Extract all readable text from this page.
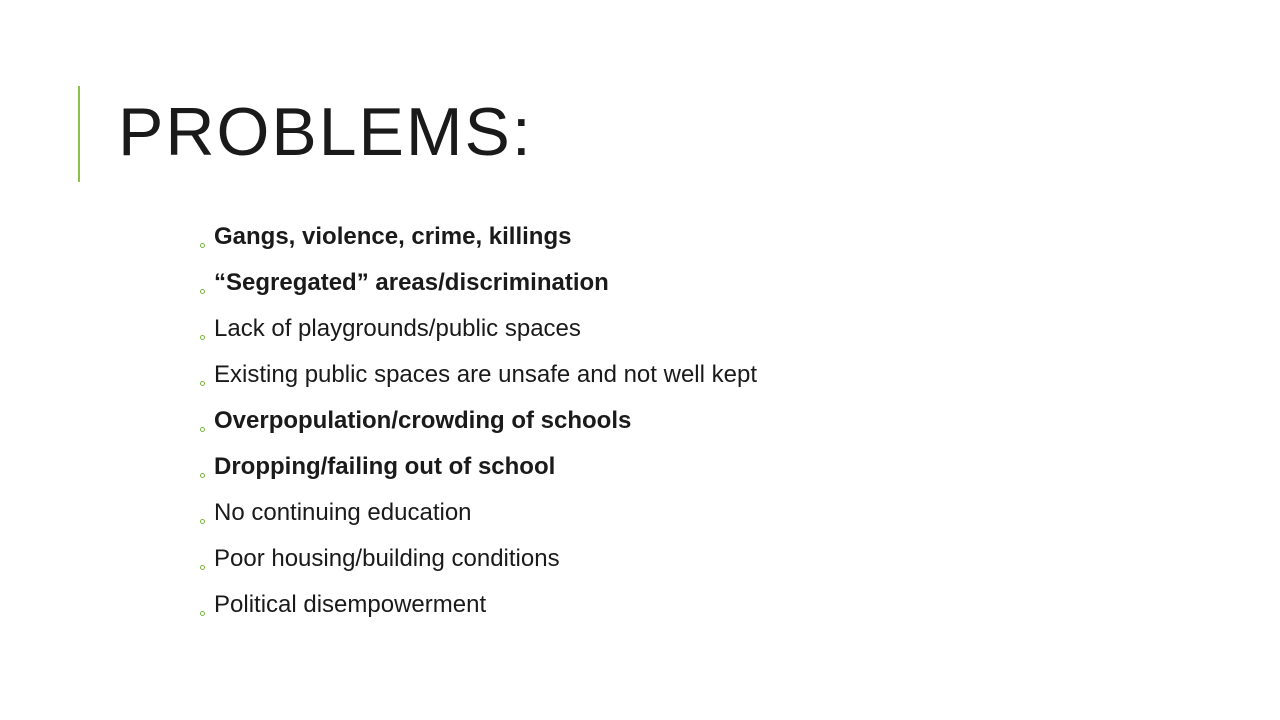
PROBLEMS:
Gangs, violence, crime, killings
“Segregated” areas/discrimination
Lack of playgrounds/public spaces
Existing public spaces are unsafe and not well kept
Overpopulation/crowding of schools
Dropping/failing out of school
No continuing education
Poor housing/building conditions
Political disempowerment
